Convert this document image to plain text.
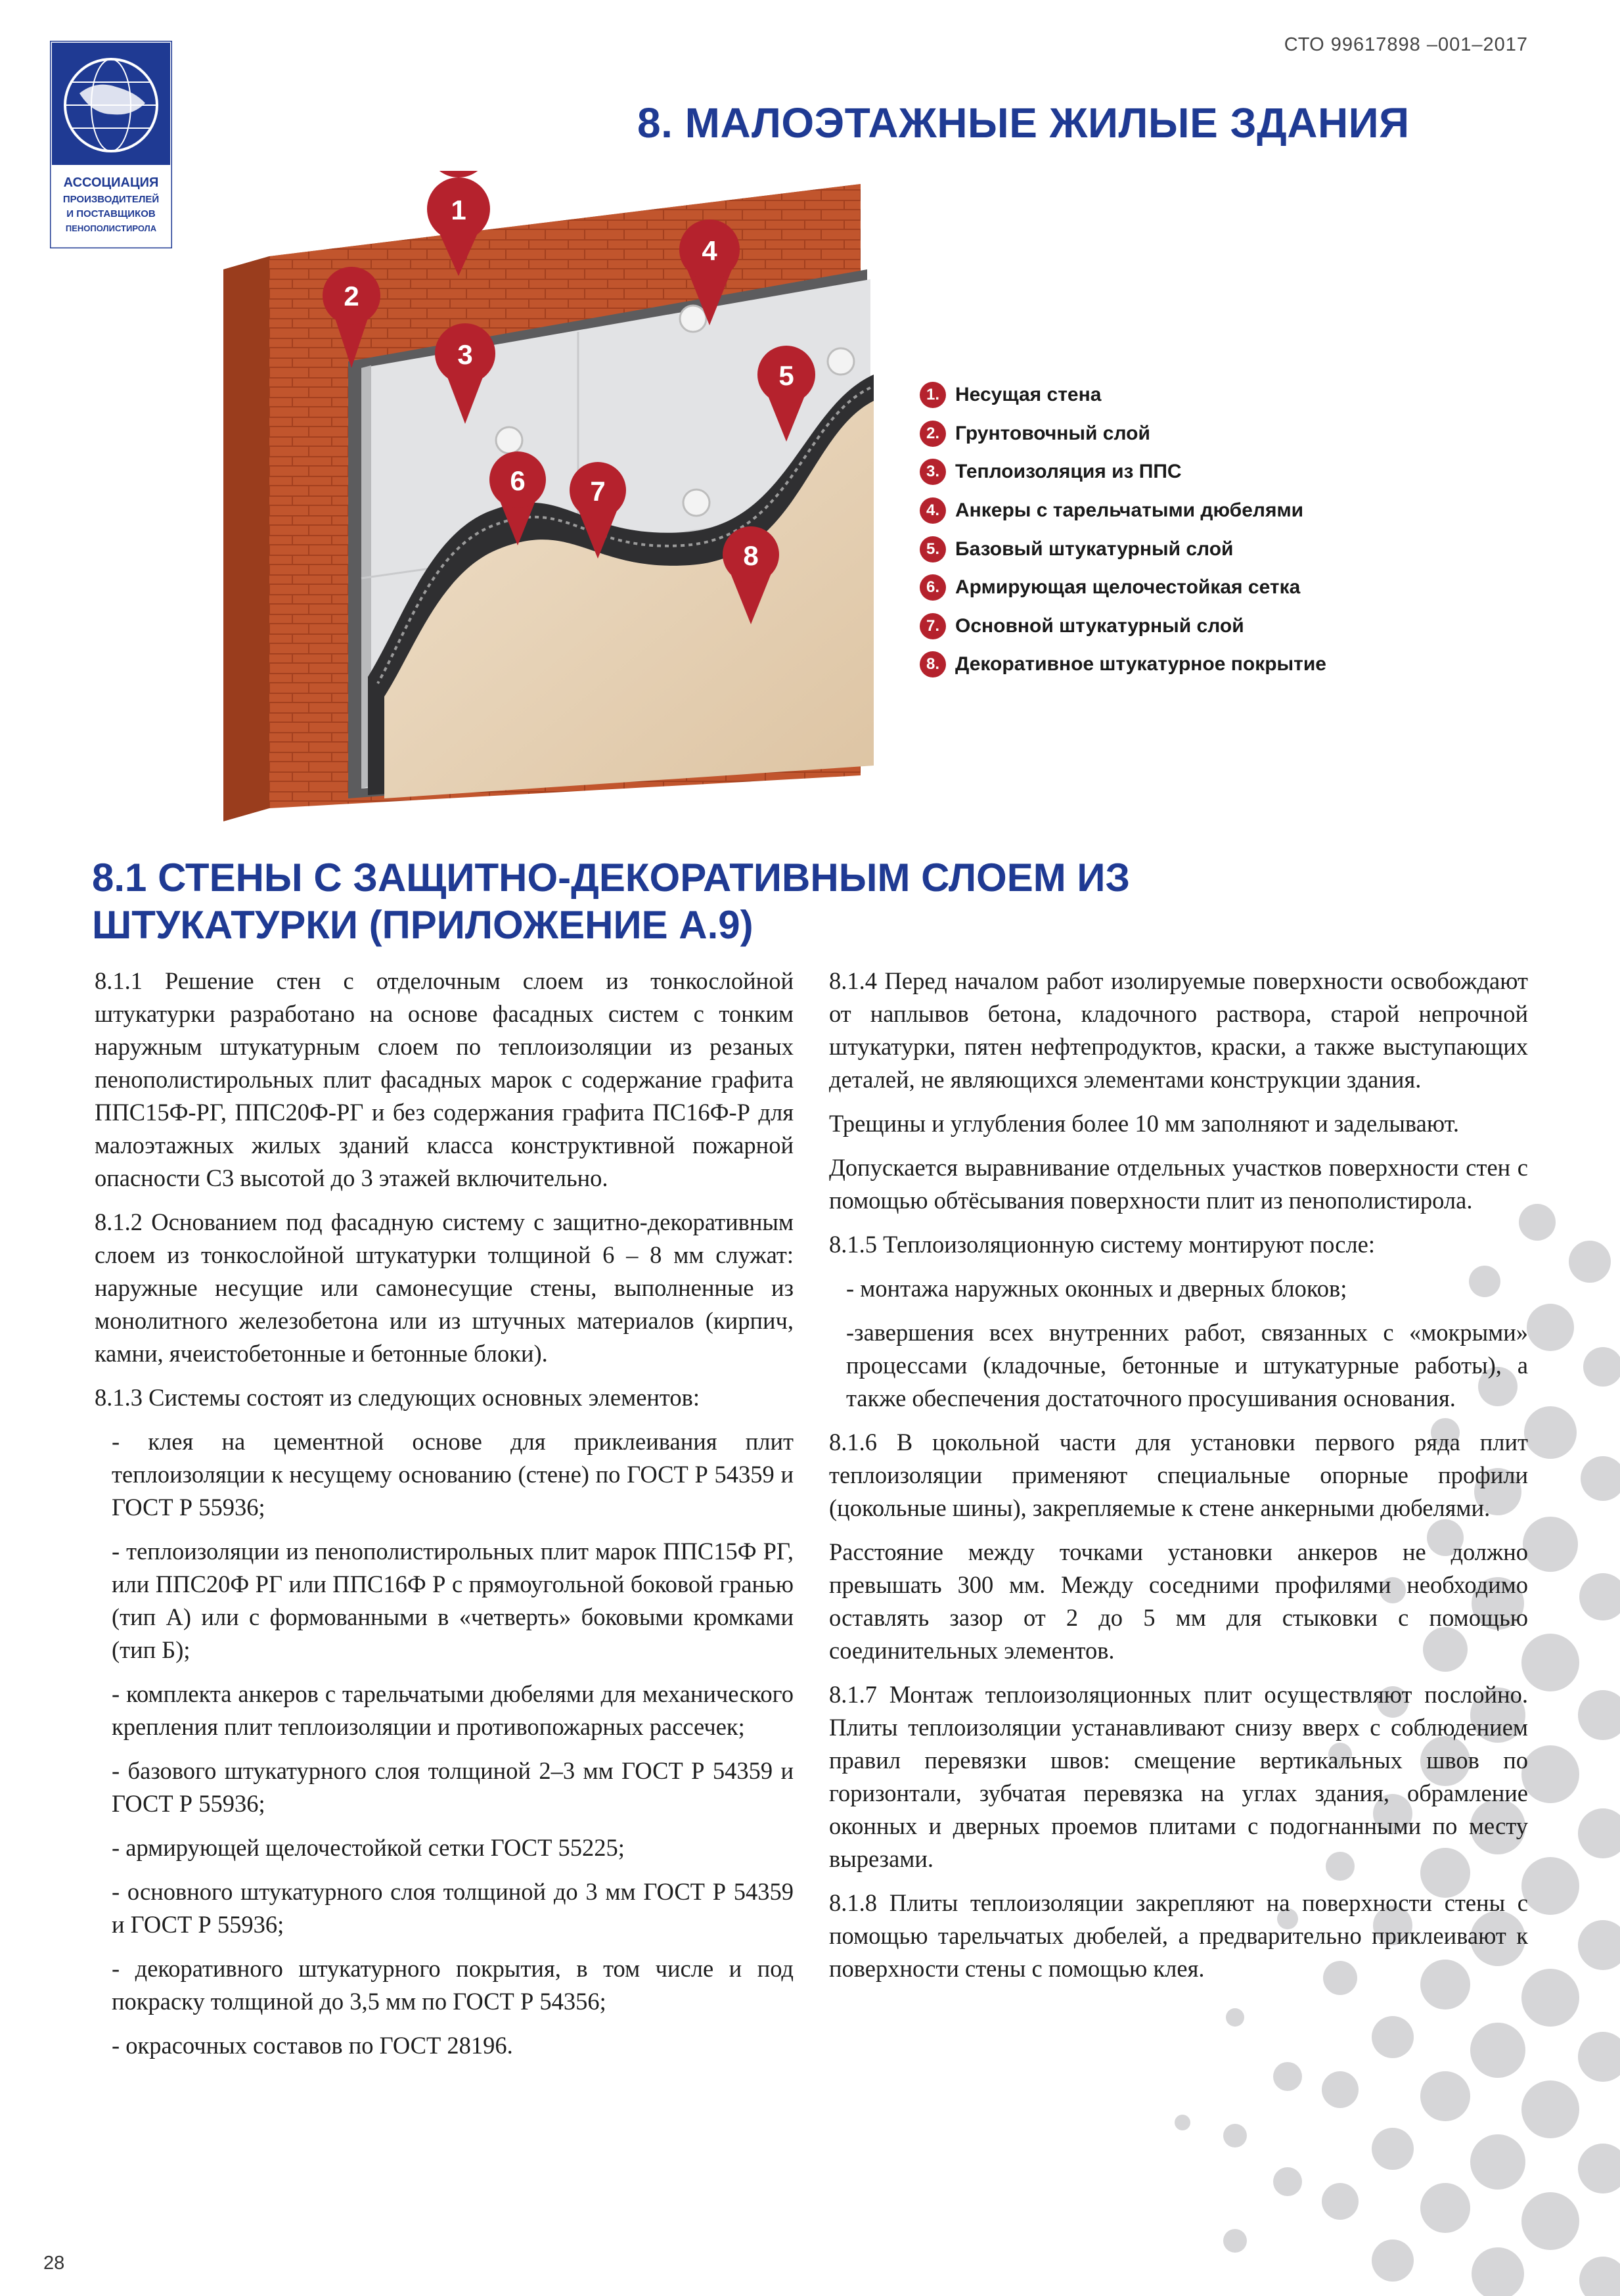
СТО 99617898 –001–2017
АССОЦИАЦИЯ
ПРОИЗВОДИТЕЛЕЙ
И ПОСТАВЩИКОВ
ПЕНОПОЛИСТИРОЛА
8. МАЛОЭТАЖНЫЕ ЖИЛЫЕ ЗДАНИЯ
1
2
3
4
5
6 7
8
1. Несущая стена
2. Грунтовочный слой
3. Теплоизоляция из ППС
4. Анкеры с тарельчатыми дюбелями
5. Базовый штукатурный слой
6. Армирующая щелочестойкая сетка
7. Основной штукатурный слой
8. Декоративное штукатурное покрытие
8.1 СТЕНЫ С ЗАЩИТНО-ДЕКОРАТИВНЫМ СЛОЕМ ИЗ
ШТУКАТУРКИ (ПРИЛОЖЕНИЕ А.9)

8.1.1 Решение стен с отделочным слоем из тонкослойной штукатурки разработано на основе фасадных систем с тонким наружным штукатурным слоем по теплоизоляции из резаных пенополистирольных плит фасадных марок с содержание графита ППС15Ф-РГ, ППС20Ф-РГ и без содержания графита ПС16Ф-Р для малоэтажных жилых зданий класса конструктивной пожарной опасности С3 высотой до 3 этажей включительно.

8.1.2 Основанием под фасадную систему с защитно-декоративным слоем из тонкослойной штукатурки толщиной 6 – 8 мм служат: наружные несущие или самонесущие стены, выполненные из монолитного железобетона или из штучных материалов (кирпич, камни, ячеистобетонные и бетонные блоки).

8.1.3 Системы состоят из следующих основных элементов:

- клея на цементной основе для приклеивания плит теплоизоляции к несущему основанию (стене) по ГОСТ Р 54359 и ГОСТ Р 55936;

- теплоизоляции из пенополистирольных плит марок ППС15Ф РГ, или ППС20Ф РГ или ППС16Ф Р с прямоугольной боковой гранью (тип А) или с формованными в «четверть» боковыми кромками (тип Б);

- комплекта анкеров с тарельчатыми дюбелями для механического крепления плит теплоизоляции и противопожарных рассечек;

- базового штукатурного слоя толщиной 2–3 мм ГОСТ Р 54359 и ГОСТ Р 55936;

- армирующей щелочестойкой сетки ГОСТ 55225;

- основного штукатурного слоя толщиной до 3 мм ГОСТ Р 54359 и ГОСТ Р 55936;

- декоративного штукатурного покрытия, в том числе и под покраску толщиной до 3,5 мм по ГОСТ Р 54356;

- окрасочных составов по ГОСТ 28196.

8.1.4 Перед началом работ изолируемые поверхности освобождают от наплывов бетона, кладочного раствора, старой непрочной штукатурки, пятен нефтепродуктов, краски, а также выступающих деталей, не являющихся элементами конструкции здания.

Трещины и углубления более 10 мм заполняют и заделывают.

Допускается выравнивание отдельных участков поверхности стен с помощью обтёсывания поверхности плит из пенополистирола.

8.1.5 Теплоизоляционную систему монтируют после:

- монтажа наружных оконных и дверных блоков;

-завершения всех внутренних работ, связанных с «мокрыми» процессами (кладочные, бетонные и штукатурные работы), а также обеспечения достаточного просушивания основания.

8.1.6 В цокольной части для установки первого ряда плит теплоизоляции применяют специальные опорные профили (цокольные шины), закрепляемые к стене анкерными дюбелями.

Расстояние между точками установки анкеров не должно превышать 300 мм. Между соседними профилями необходимо оставлять зазор от 2 до 5 мм для стыковки с помощью соединительных элементов.

8.1.7 Монтаж теплоизоляционных плит осуществляют послойно. Плиты теплоизоляции устанавливают снизу вверх с соблюдением правил перевязки швов: смещение вертикальных швов по горизонтали, зубчатая перевязка на углах здания, обрамление оконных и дверных проемов плитами с подогнанными по месту вырезами.

8.1.8 Плиты теплоизоляции закрепляют на поверхности стены с помощью тарельчатых дюбелей, а предварительно приклеивают к поверхности стены с помощью клея.

28
